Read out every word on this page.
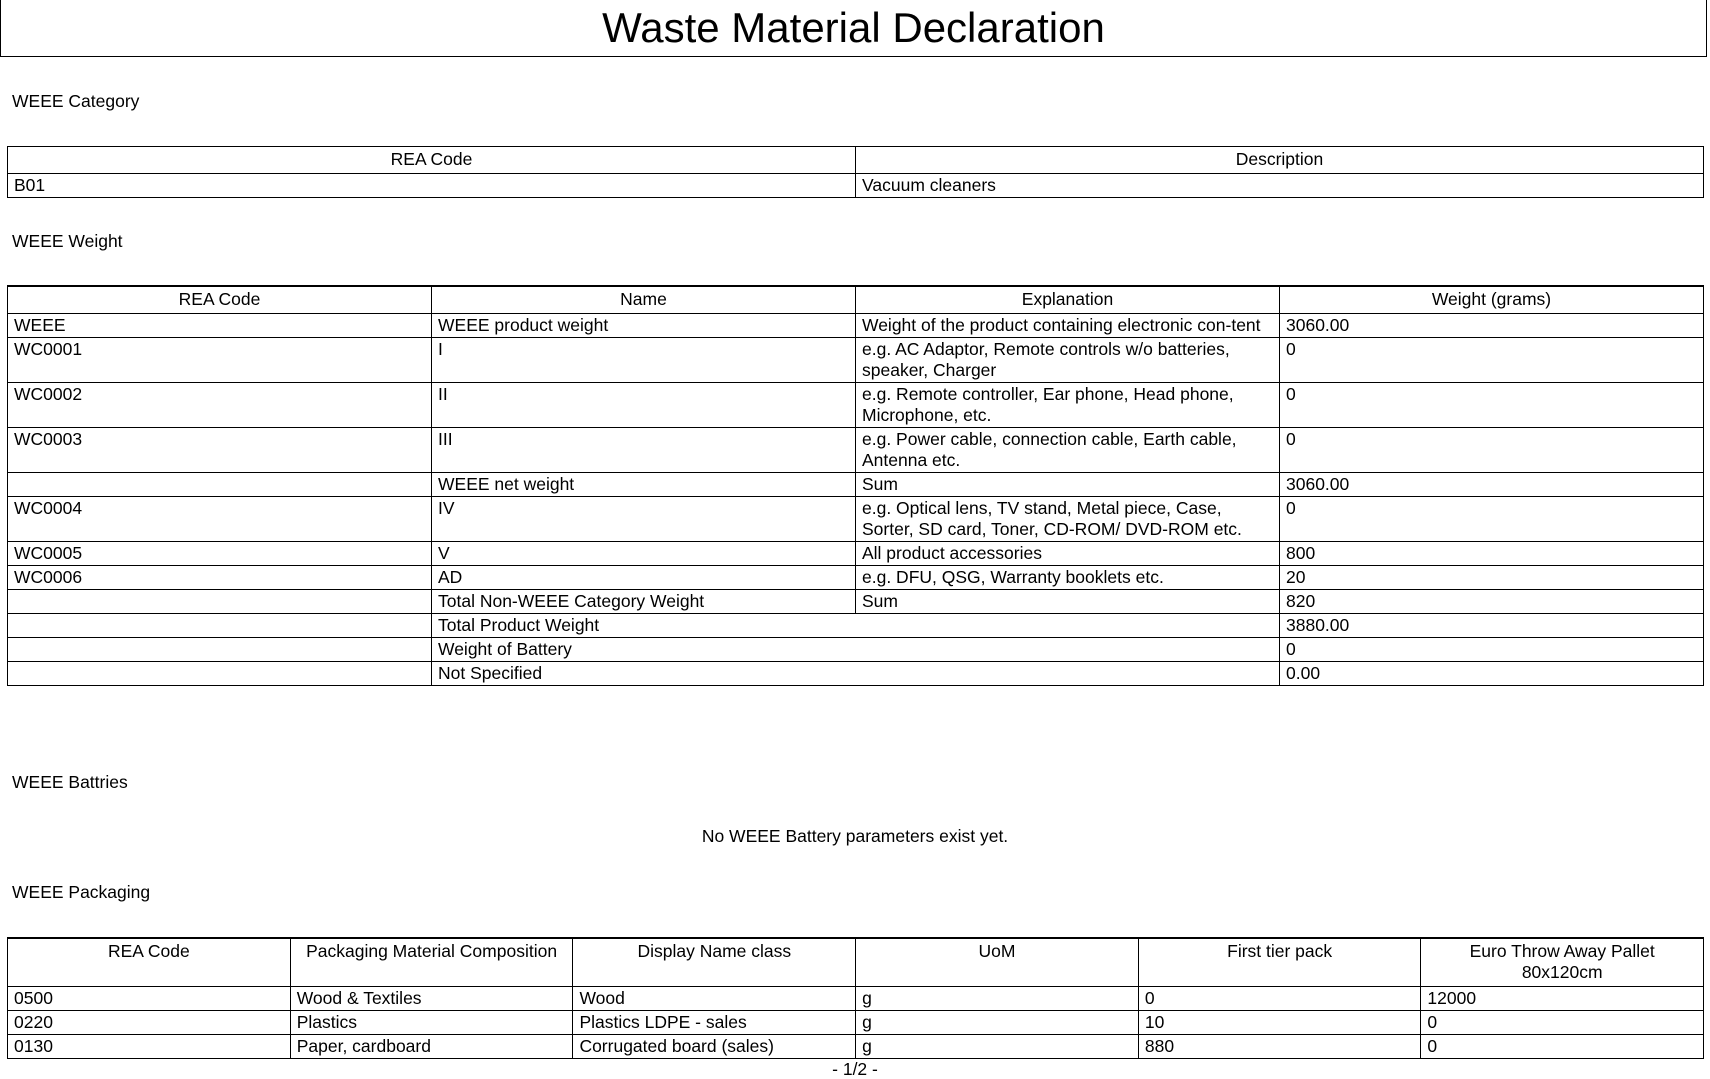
Waste Material Declaration
WEEE Category
REA Code	Description
B01	Vacuum cleaners
WEEE Weight
REA Code	Name	Explanation	Weight (grams)
WEEE	WEEE product weight	Weight of the product containing electronic con-tent	3060.00
WC0001	I	e.g. AC Adaptor, Remote controls w/o batteries, speaker, Charger	0
WC0002	II	e.g. Remote controller, Ear phone, Head phone, Microphone, etc.	0
WC0003	III	e.g. Power cable, connection cable, Earth cable, Antenna etc.	0
	WEEE net weight	Sum	3060.00
WC0004	IV	e.g. Optical lens, TV stand, Metal piece, Case, Sorter, SD card, Toner, CD-ROM/ DVD-ROM etc.	0
WC0005	V	All product accessories	800
WC0006	AD	e.g. DFU, QSG, Warranty booklets etc.	20
	Total Non-WEEE Category Weight	Sum	820
	Total Product Weight		3880.00
	Weight of Battery		0
	Not Specified		0.00
WEEE Battries
No WEEE Battery parameters exist yet.
WEEE Packaging
REA Code	Packaging Material Composition	Display Name class	UoM	First tier pack	Euro Throw Away Pallet 80x120cm
0500	Wood & Textiles	Wood	g	0	12000
0220	Plastics	Plastics LDPE - sales	g	10	0
0130	Paper, cardboard	Corrugated board (sales)	g	880	0
- 1/2 -
